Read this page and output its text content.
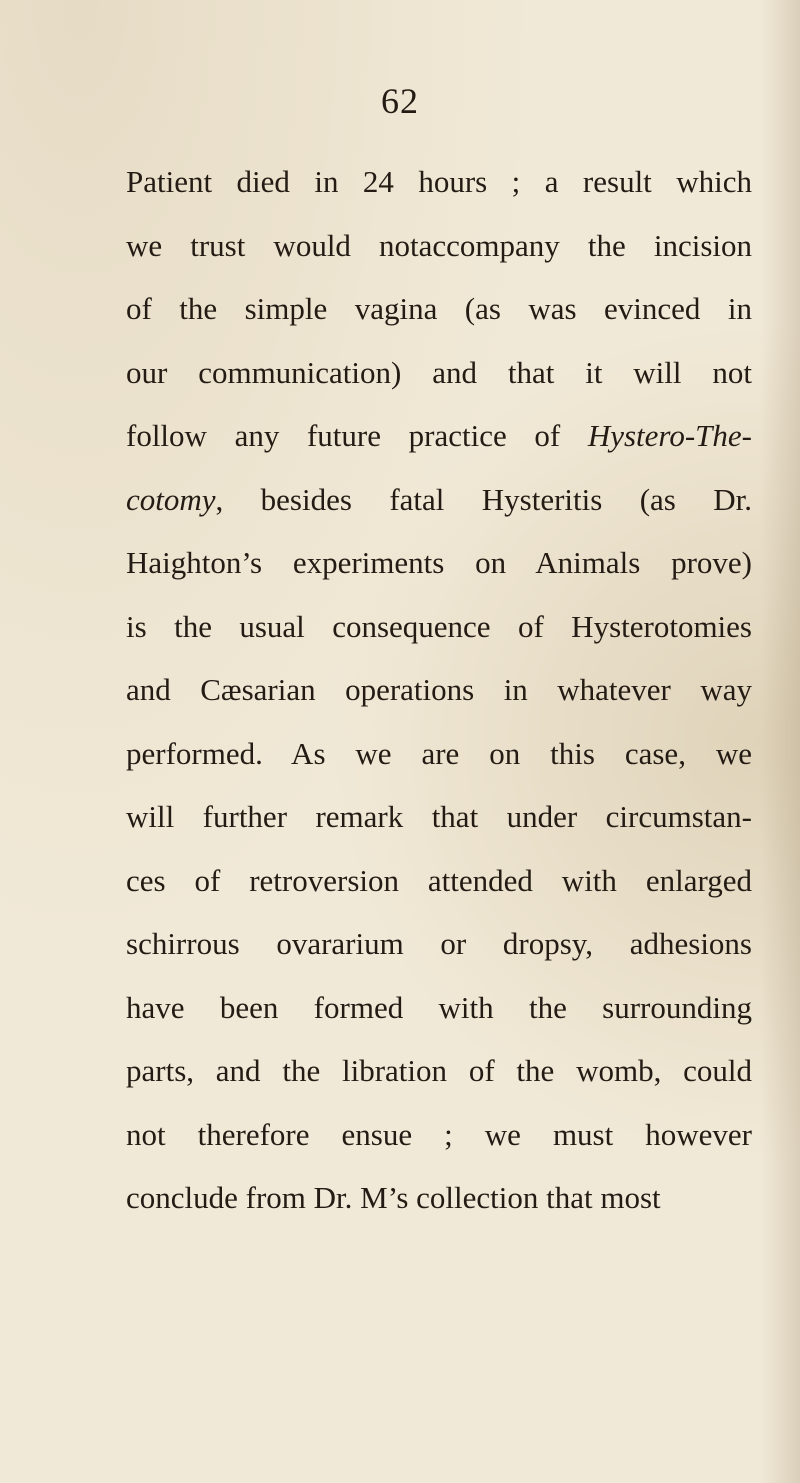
62
Patient died in 24 hours ; a result which
we trust would notaccompany the incision
of the simple vagina (as was evinced in
our communication) and that it will not
follow any future practice of Hystero-The-
cotomy, besides fatal Hysteritis (as Dr.
Haighton’s experiments on Animals prove)
is the usual consequence of Hysterotomies
and Cæsarian operations in whatever way
performed. As we are on this case, we
will further remark that under circumstan-
ces of retroversion attended with enlarged
schirrous ovararium or dropsy, adhesions
have been formed with the surrounding
parts, and the libration of the womb, could
not therefore ensue ; we must however
conclude from Dr. M’s collection that most
